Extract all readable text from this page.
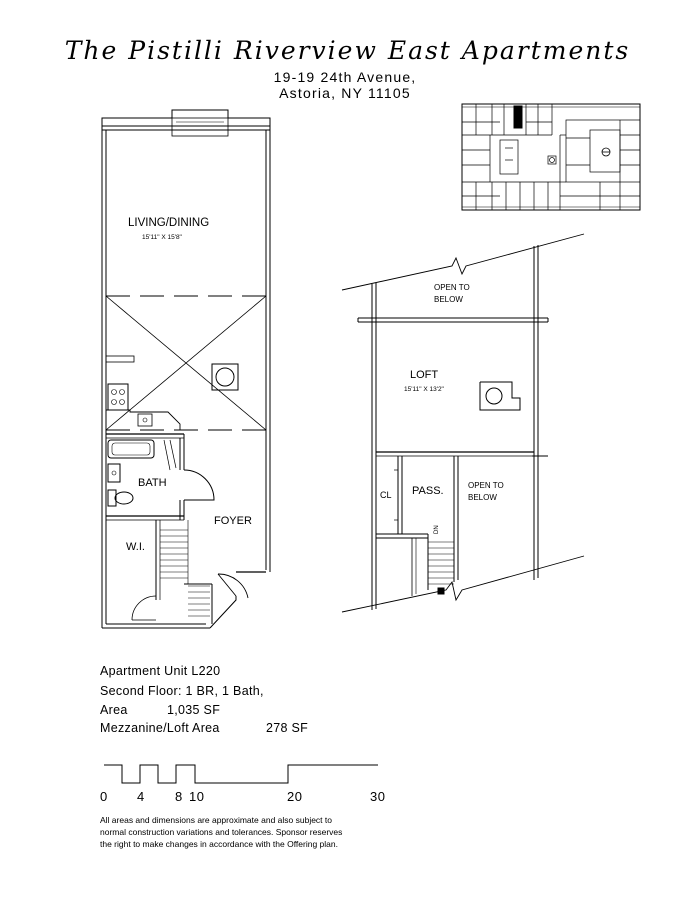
The Pistilli Riverview East Apartments
19-19 24th Avenue,
Astoria, NY 11105
LIVING/DINING
15'11" X 15'8"
BATH
FOYER
W.I.
OPEN TO
BELOW
LOFT
15'11" X 13'2"
PASS.
CL
OPEN TO
BELOW
DN
Apartment Unit L220
Second Floor: 1 BR, 1 Bath,
Area	1,035 SF
Mezzanine/Loft Area	278 SF
0 4 8 10	20	30
All areas and dimensions are approximate and also subject to
normal construction variations and tolerances. Sponsor reserves
the right to make changes in accordance with the Offering plan.
